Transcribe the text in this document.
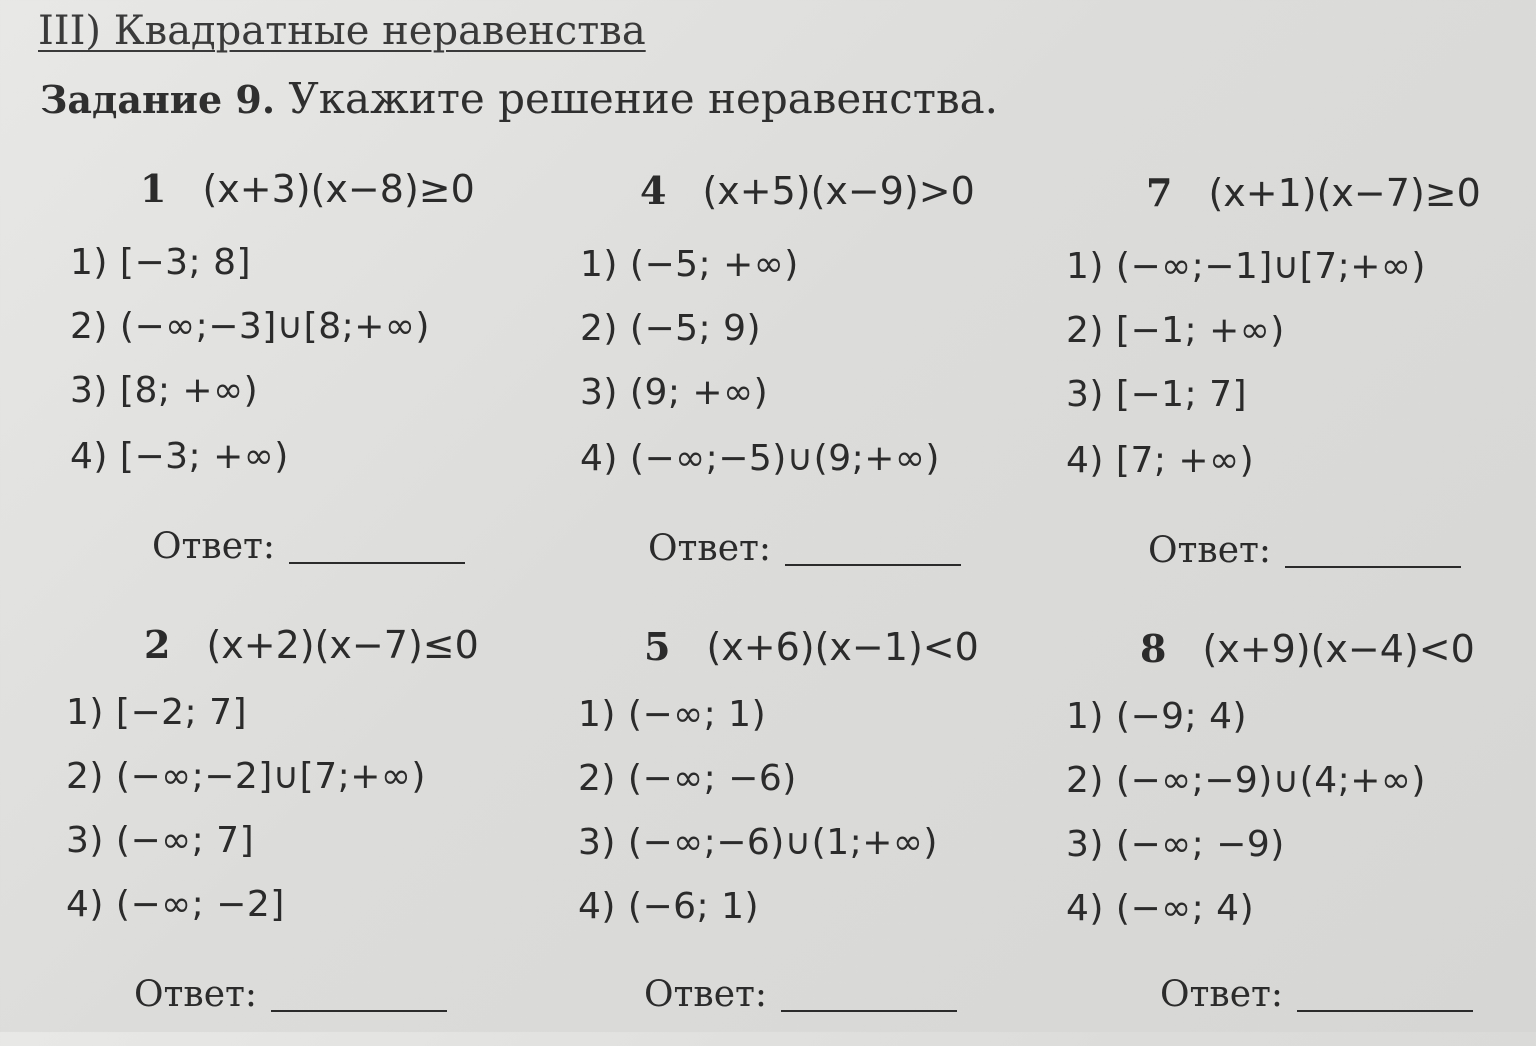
III) Квадратные неравенства
Задание 9. Укажите решение неравенства.
1 (x+3)(x−8)≥0
1) [−3; 8]
2) (−∞;−3]∪[8;+∞)
3) [8; +∞)
4) [−3; +∞)
Ответ:
4 (x+5)(x−9)>0
1) (−5; +∞)
2) (−5; 9)
3) (9; +∞)
4) (−∞;−5)∪(9;+∞)
Ответ:
7 (x+1)(x−7)≥0
1) (−∞;−1]∪[7;+∞)
2) [−1; +∞)
3) [−1; 7]
4) [7; +∞)
Ответ:
2 (x+2)(x−7)≤0
1) [−2; 7]
2) (−∞;−2]∪[7;+∞)
3) (−∞; 7]
4) (−∞; −2]
Ответ:
5 (x+6)(x−1)<0
1) (−∞; 1)
2) (−∞; −6)
3) (−∞;−6)∪(1;+∞)
4) (−6; 1)
Ответ:
8 (x+9)(x−4)<0
1) (−9; 4)
2) (−∞;−9)∪(4;+∞)
3) (−∞; −9)
4) (−∞; 4)
Ответ:
